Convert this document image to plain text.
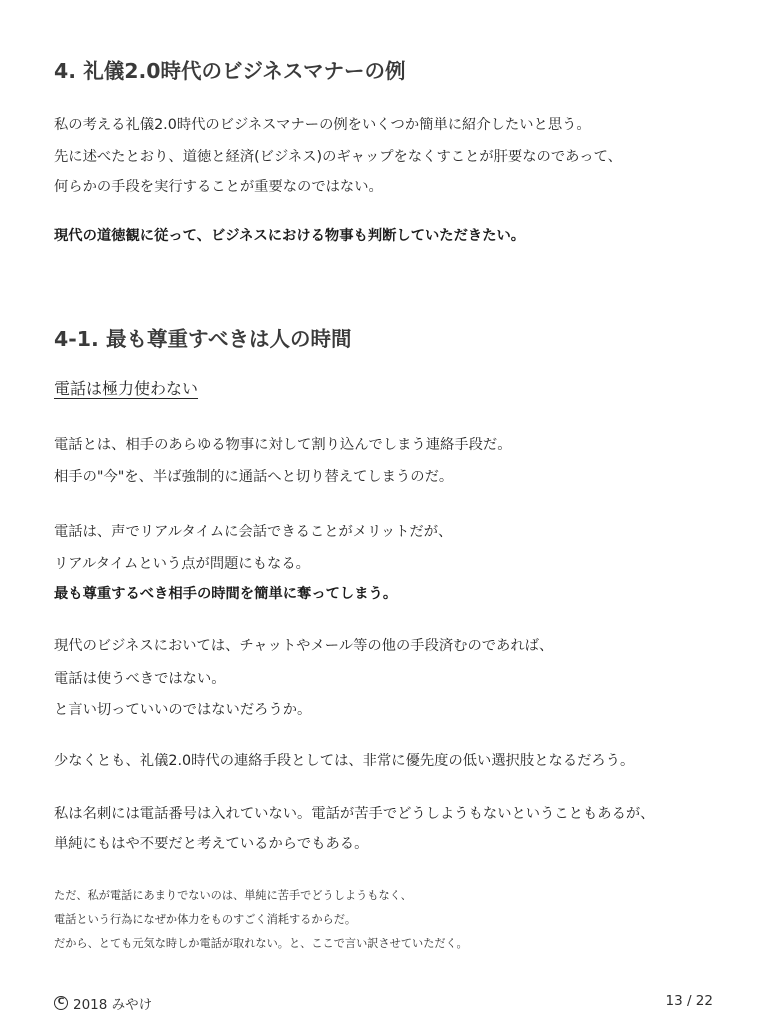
4. 礼儀2.0時代のビジネスマナーの例
私の考える礼儀2.0時代のビジネスマナーの例をいくつか簡単に紹介したいと思う。
先に述べたとおり、道徳と経済(ビジネス)のギャップをなくすことが肝要なのであって、
何らかの手段を実行することが重要なのではない。
現代の道徳観に従って、ビジネスにおける物事も判断していただきたい。
4-1. 最も尊重すべきは人の時間
電話は極力使わない
電話とは、相手のあらゆる物事に対して割り込んでしまう連絡手段だ。
相手の"今"を、半ば強制的に通話へと切り替えてしまうのだ。
電話は、声でリアルタイムに会話できることがメリットだが、
リアルタイムという点が問題にもなる。
最も尊重するべき相手の時間を簡単に奪ってしまう。
現代のビジネスにおいては、チャットやメール等の他の手段済むのであれば、
電話は使うべきではない。
と言い切っていいのではないだろうか。
少なくとも、礼儀2.0時代の連絡手段としては、非常に優先度の低い選択肢となるだろう。
私は名刺には電話番号は入れていない。電話が苦手でどうしようもないということもあるが、
単純にもはや不要だと考えているからでもある。
ただ、私が電話にあまりでないのは、単純に苦手でどうしようもなく、
電話という行為になぜか体力をものすごく消耗するからだ。
だから、とても元気な時しか電話が取れない。と、ここで言い訳させていただく。
C 2018 みやけ	13 / 22
